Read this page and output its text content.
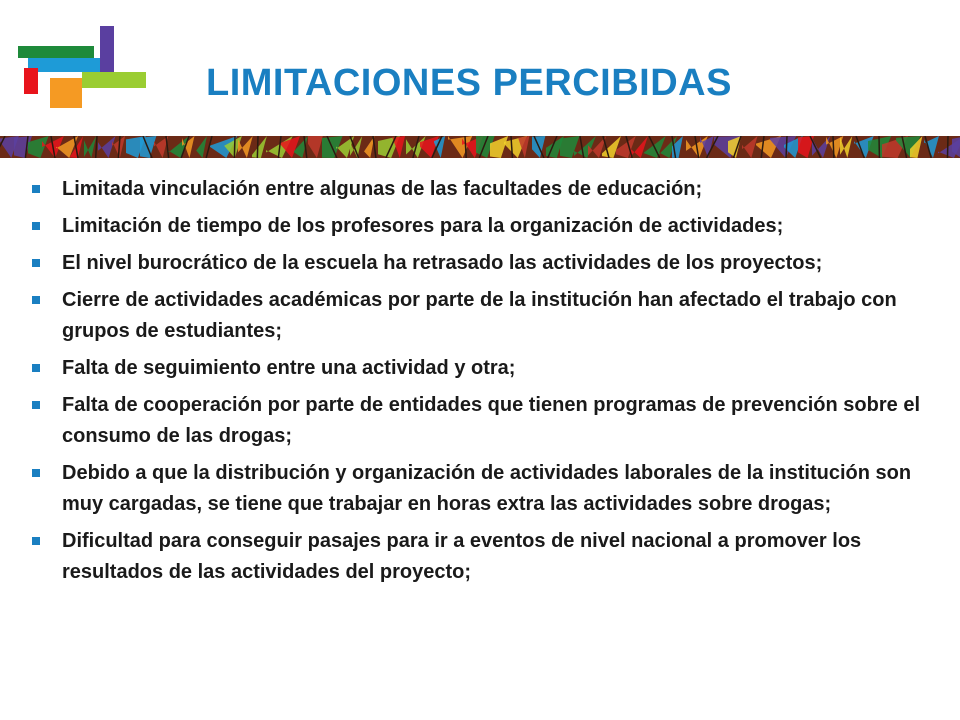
LIMITACIONES PERCIBIDAS
Limitada vinculación entre algunas de las facultades de educación;
Limitación de tiempo de los profesores para la organización de actividades;
El nivel burocrático de la escuela ha retrasado las actividades de los proyectos;
Cierre de actividades académicas por parte de la institución han afectado el trabajo con grupos de estudiantes;
Falta de seguimiento entre una actividad y otra;
Falta de cooperación por parte de entidades que tienen programas de prevención sobre el consumo de las drogas;
Debido a que la distribución y organización de actividades laborales de la institución son muy cargadas, se tiene que trabajar en horas extra las actividades sobre drogas;
Dificultad para conseguir pasajes para ir a eventos de nivel nacional a promover los resultados de las actividades del proyecto;
